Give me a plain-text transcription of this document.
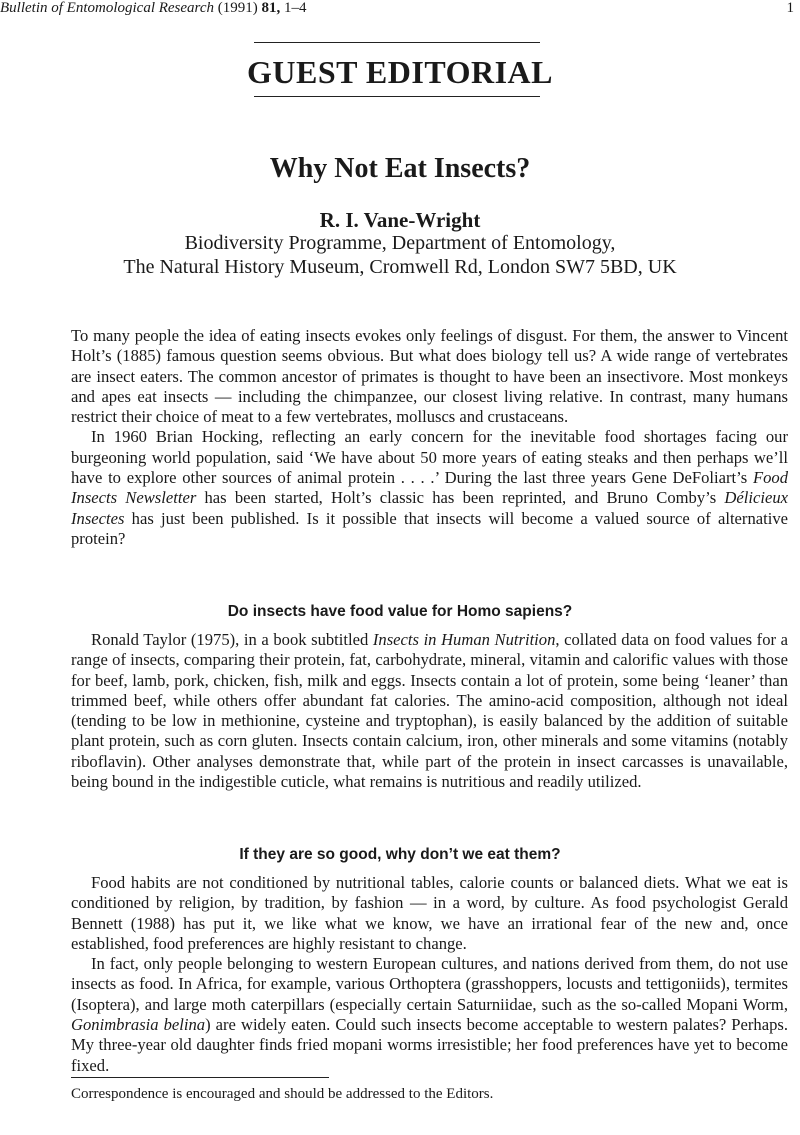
Bulletin of Entomological Research (1991) 81, 1–4	1
GUEST EDITORIAL
Why Not Eat Insects?
R. I. Vane-Wright
Biodiversity Programme, Department of Entomology,
The Natural History Museum, Cromwell Rd, London SW7 5BD, UK

To many people the idea of eating insects evokes only feelings of disgust. For them, the answer to Vincent Holt’s (1885) famous question seems obvious. But what does biology tell us? A wide range of vertebrates are insect eaters. The common ancestor of primates is thought to have been an insectivore. Most monkeys and apes eat insects — including the chimpanzee, our closest living relative. In contrast, many humans restrict their choice of meat to a few vertebrates, molluscs and crustaceans.

In 1960 Brian Hocking, reflecting an early concern for the inevitable food shortages facing our burgeoning world population, said ‘We have about 50 more years of eating steaks and then perhaps we’ll have to explore other sources of animal protein . . . .’ During the last three years Gene DeFoliart’s Food Insects Newsletter has been started, Holt’s classic has been reprinted, and Bruno Comby’s Délicieux Insectes has just been published. Is it possible that insects will become a valued source of alternative protein?

Do insects have food value for Homo sapiens?

Ronald Taylor (1975), in a book subtitled Insects in Human Nutrition, collated data on food values for a range of insects, comparing their protein, fat, carbohydrate, mineral, vitamin and calorific values with those for beef, lamb, pork, chicken, fish, milk and eggs. Insects contain a lot of protein, some being ‘leaner’ than trimmed beef, while others offer abundant fat calories. The amino-acid composition, although not ideal (tending to be low in methionine, cysteine and tryptophan), is easily balanced by the addition of suitable plant protein, such as corn gluten. Insects contain calcium, iron, other minerals and some vitamins (notably riboflavin). Other analyses demonstrate that, while part of the protein in insect carcasses is unavailable, being bound in the indigestible cuticle, what remains is nutritious and readily utilized.

If they are so good, why don’t we eat them?

Food habits are not conditioned by nutritional tables, calorie counts or balanced diets. What we eat is conditioned by religion, by tradition, by fashion — in a word, by culture. As food psychologist Gerald Bennett (1988) has put it, we like what we know, we have an irrational fear of the new and, once established, food preferences are highly resistant to change.

In fact, only people belonging to western European cultures, and nations derived from them, do not use insects as food. In Africa, for example, various Orthoptera (grasshoppers, locusts and tettigoniids), termites (Isoptera), and large moth caterpillars (especially certain Saturniidae, such as the so-called Mopani Worm, Gonimbrasia belina) are widely eaten. Could such insects become acceptable to western palates? Perhaps. My three-year old daughter finds fried mopani worms irresistible; her food preferences have yet to become fixed.

Correspondence is encouraged and should be addressed to the Editors.
